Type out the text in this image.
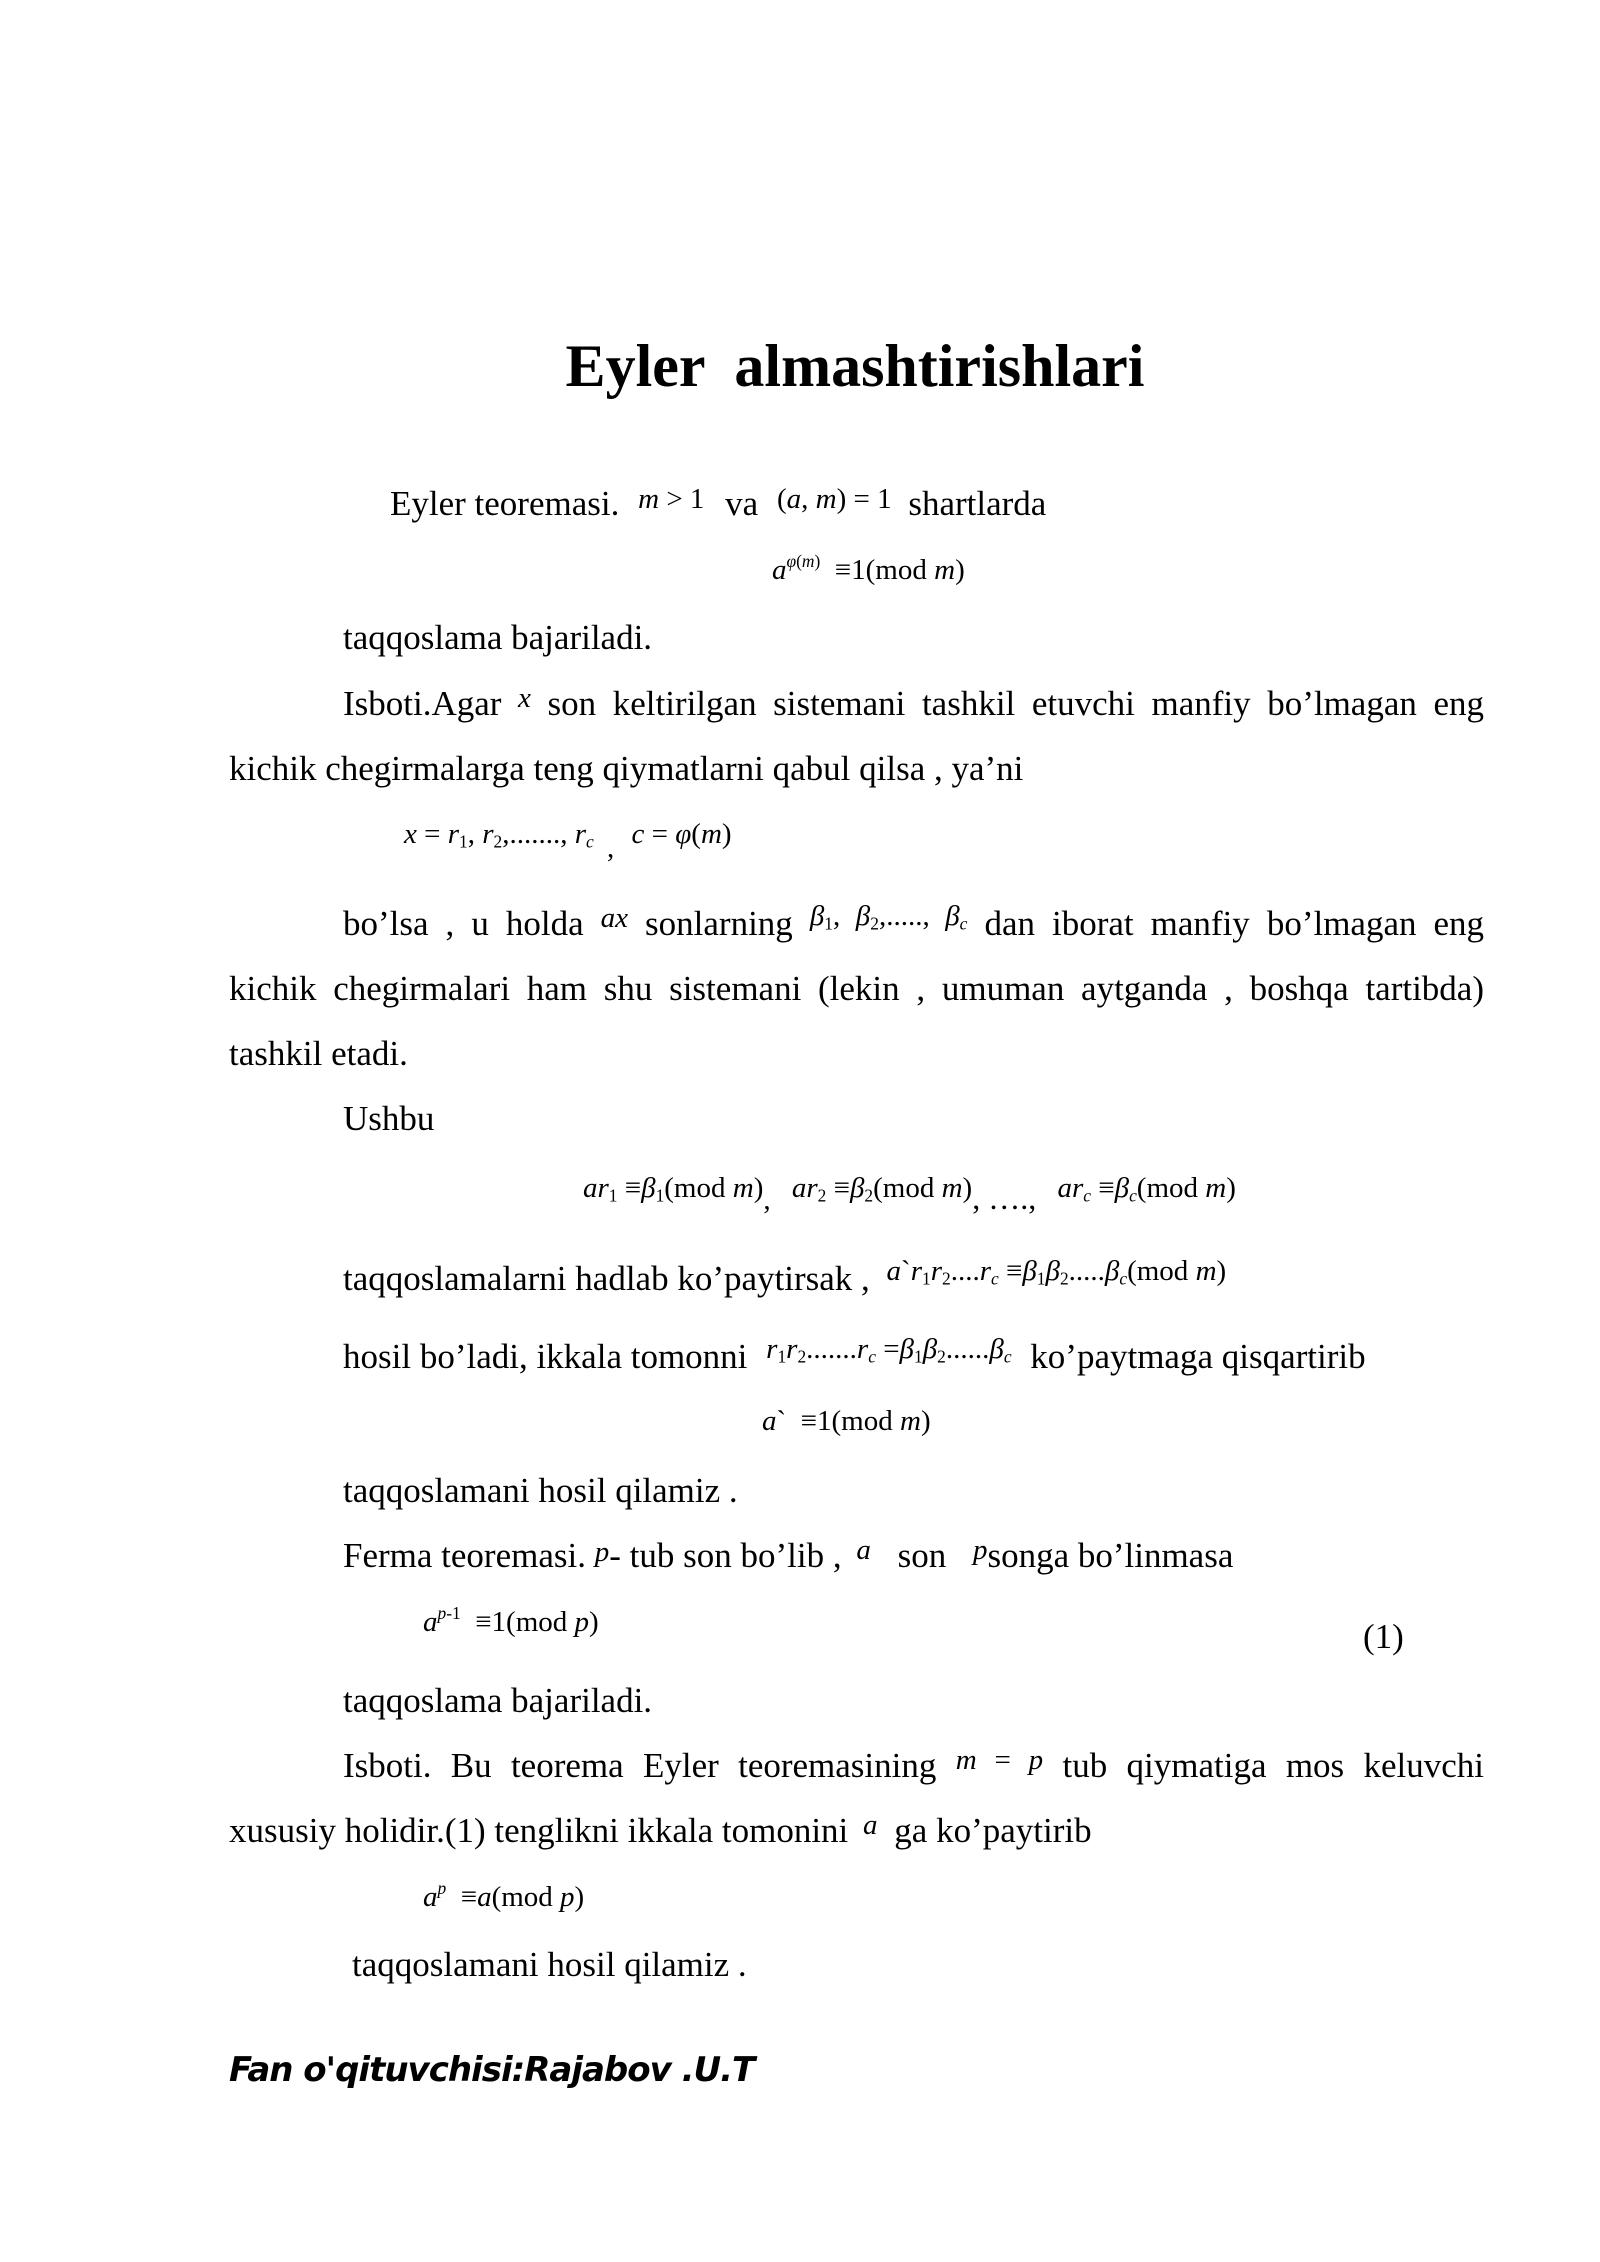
Eyler  almashtirishlari
Eyler teoremasi. $^{m > 1}$ va $^{(a, m) = 1}$ shartlarda
$a^{\varphi(m)} \equiv 1(mod$ m)
taqqoslama bajariladi.
Isboti.Agar $^x$ son keltirilgan sistemani tashkil etuvchi manfiy bo’lmagan eng
kichik chegirmalarga teng qiymatlarni qabul qilsa , ya’ni
$x = r_1$, $r_2$,......., $r_c$ , c = φ(m)
bo’lsa , u holda $^{ax}$ sonlarning $^{\beta_1, \beta_2,....., \beta_c}$ dan iborat manfiy bo’lmagan eng
kichik chegirmalari ham shu sistemani (lekin , umuman aytganda , boshqa tartibda)
tashkil etadi.
Ushbu
$ar_1 \equiv\beta_1(mod$ m), $ar_2 \equiv\beta_2(mod$ m), …., $ar_c \equiv\beta_c(mod$ m)
taqqoslamalarni hadlab ko’paytirsak , $^{a`r_1r_2....r_c \equiv\beta_1\beta_2.....\beta_c(mod m)}$
hosil bo’ladi, ikkala tomonni $^{r_1r_2.......r_c =\beta_1\beta_2......\beta_c}$ ko’paytmaga qisqartirib
a`  ≡1(mod m)
taqqoslamani hosil qilamiz .
Ferma teoremasi. p- tub son bo’lib , $^a$ son $^p$songa bo’linmasa
$a^{p-1} \equiv 1(mod$ p)	(1)
taqqoslama bajariladi.
Isboti. Bu teorema Eyler teoremasining $^{m = p}$ tub qiymatiga mos keluvchi
xususiy holidir.(1) tenglikni ikkala tomonini $^a$ ga ko’paytirib
$a^p \equiv a(mod$ p)
taqqoslamani hosil qilamiz .
Fan o'qituvchisi:Rajabov .U.T
